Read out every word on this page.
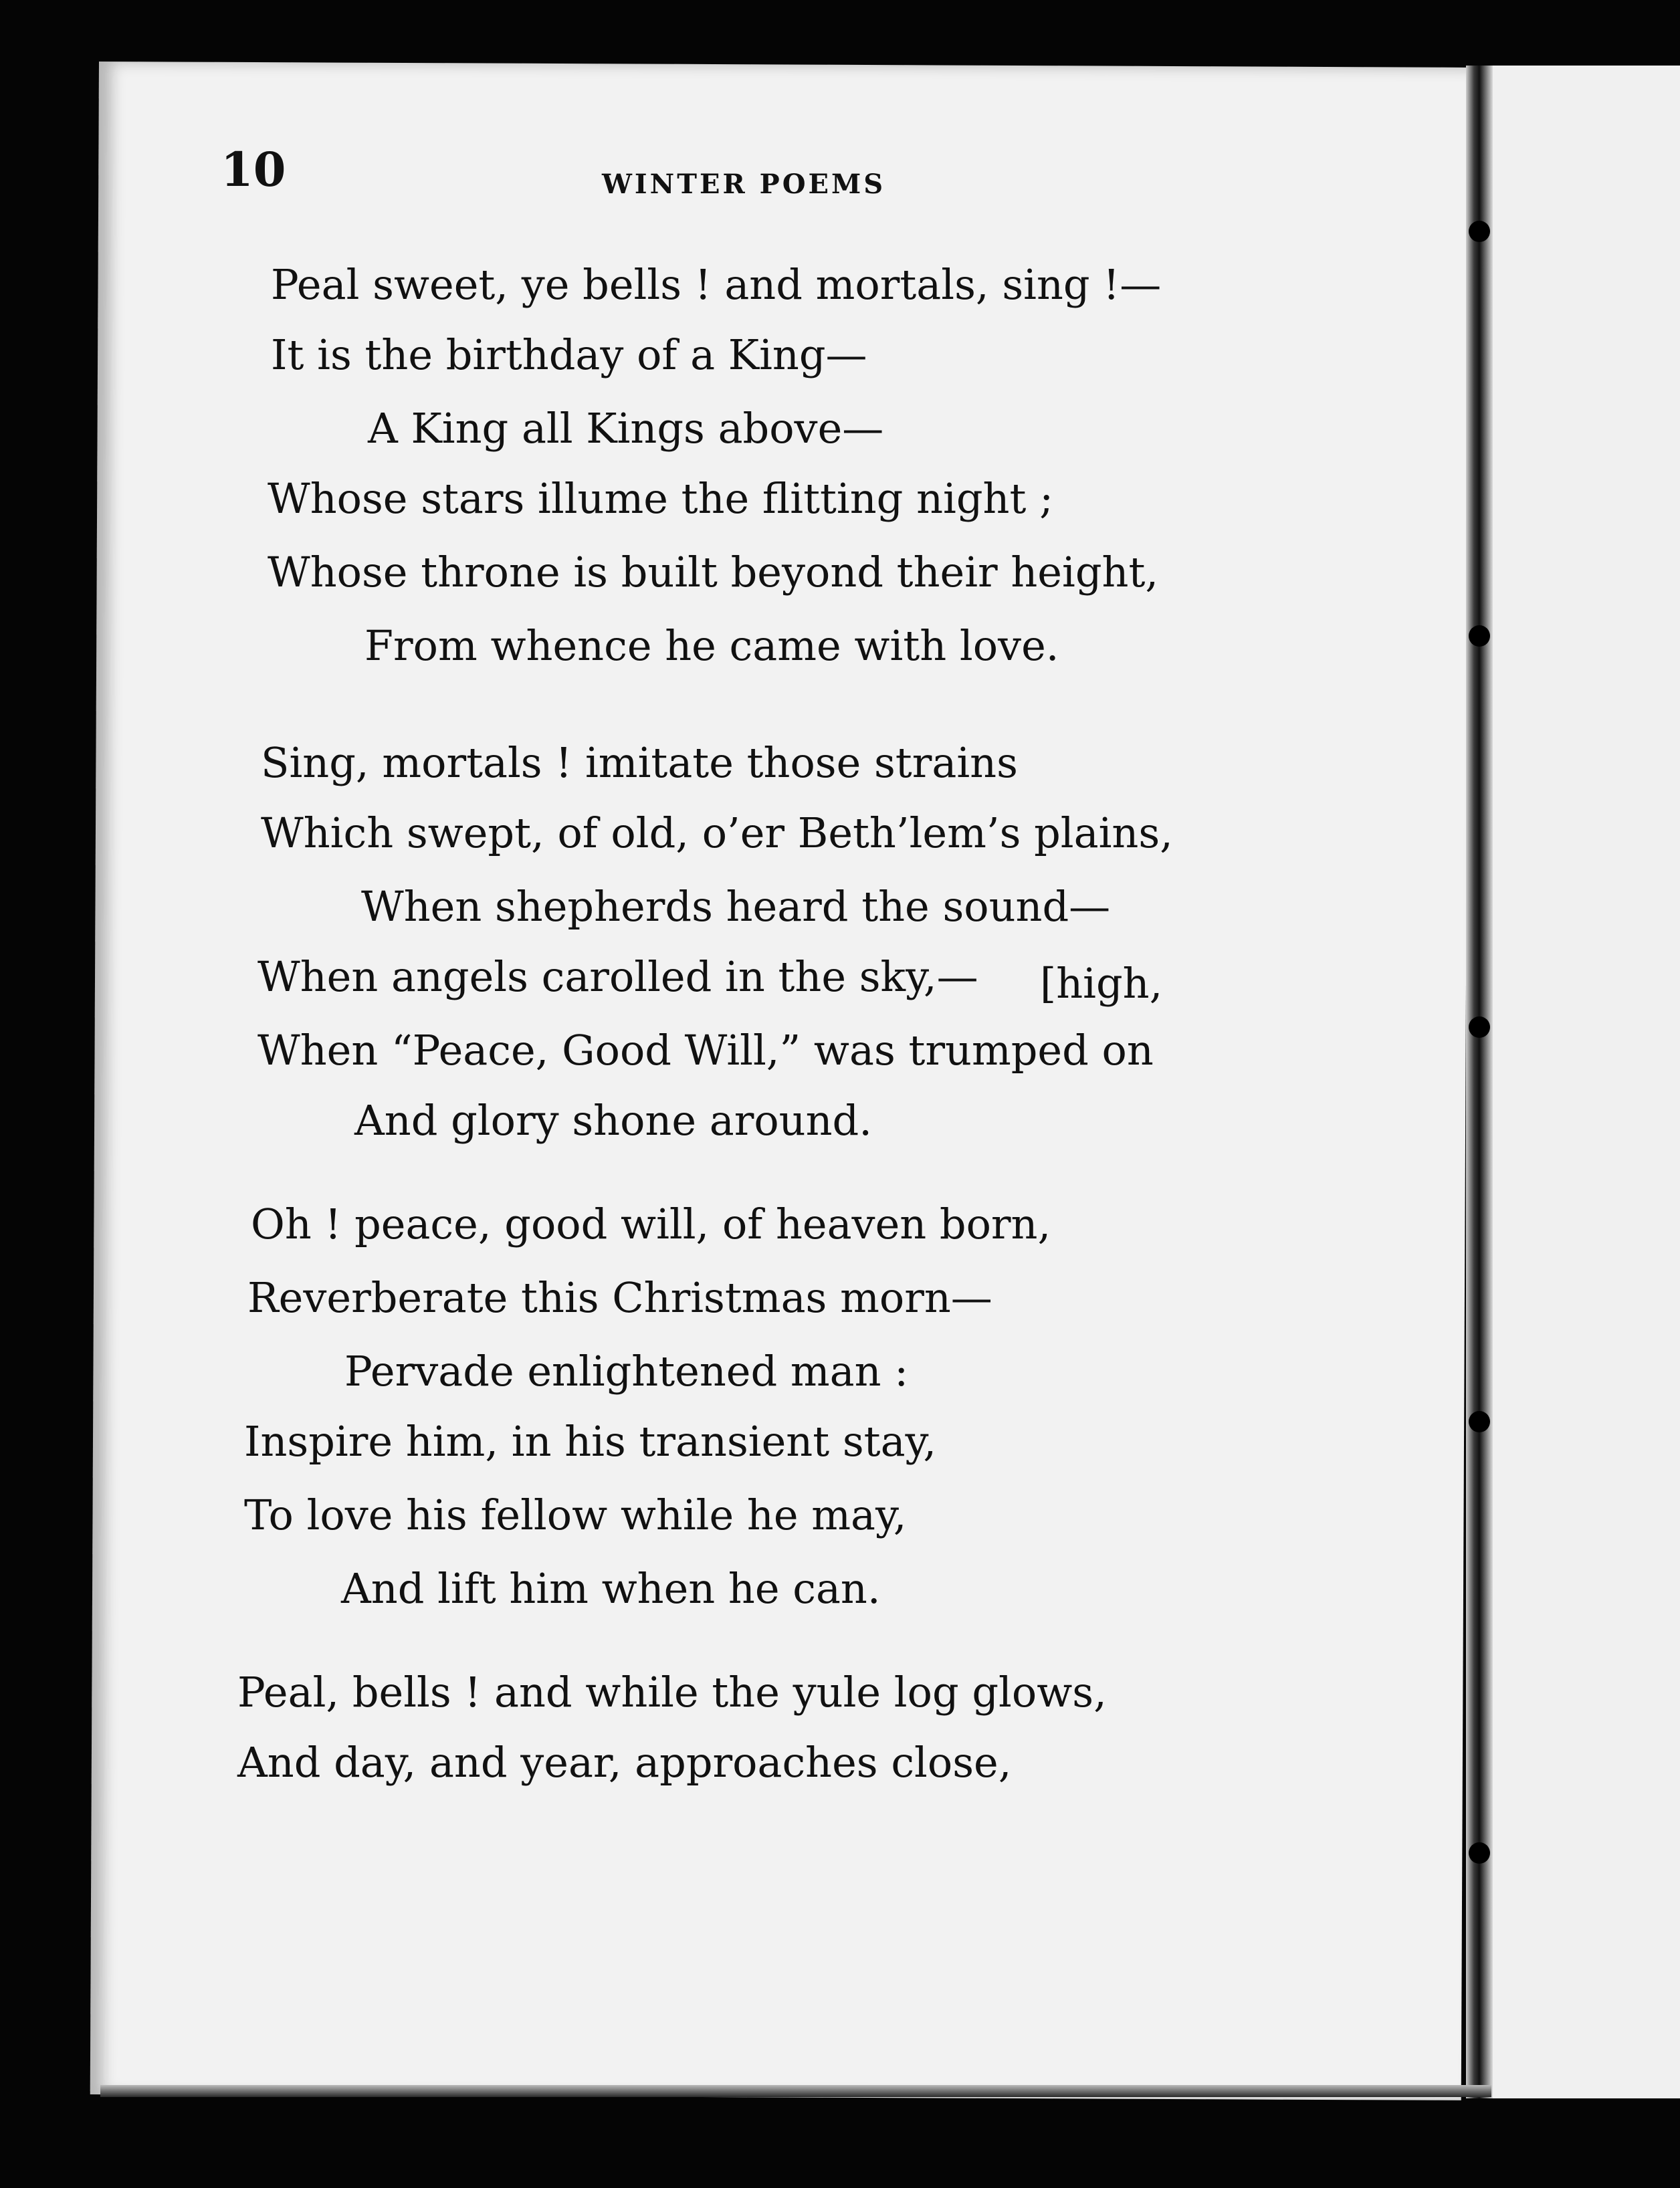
10	WINTER POEMS
Peal sweet, ye bells ! and mortals, sing !—
It is the birthday of a King—
A King all Kings above—
Whose stars illume the flitting night ;
Whose throne is built beyond their height,
From whence he came with love.
Sing, mortals ! imitate those strains
Which swept, of old, o’er Beth’lem’s plains,
When shepherds heard the sound—
When angels carolled in the sky,— [high,
When “Peace, Good Will,” was trumped on
And glory shone around.
Oh ! peace, good will, of heaven born,
Reverberate this Christmas morn—
Pervade enlightened man :
Inspire him, in his transient stay,
To love his fellow while he may,
And lift him when he can.
Peal, bells ! and while the yule log glows,
And day, and year, approaches close,
